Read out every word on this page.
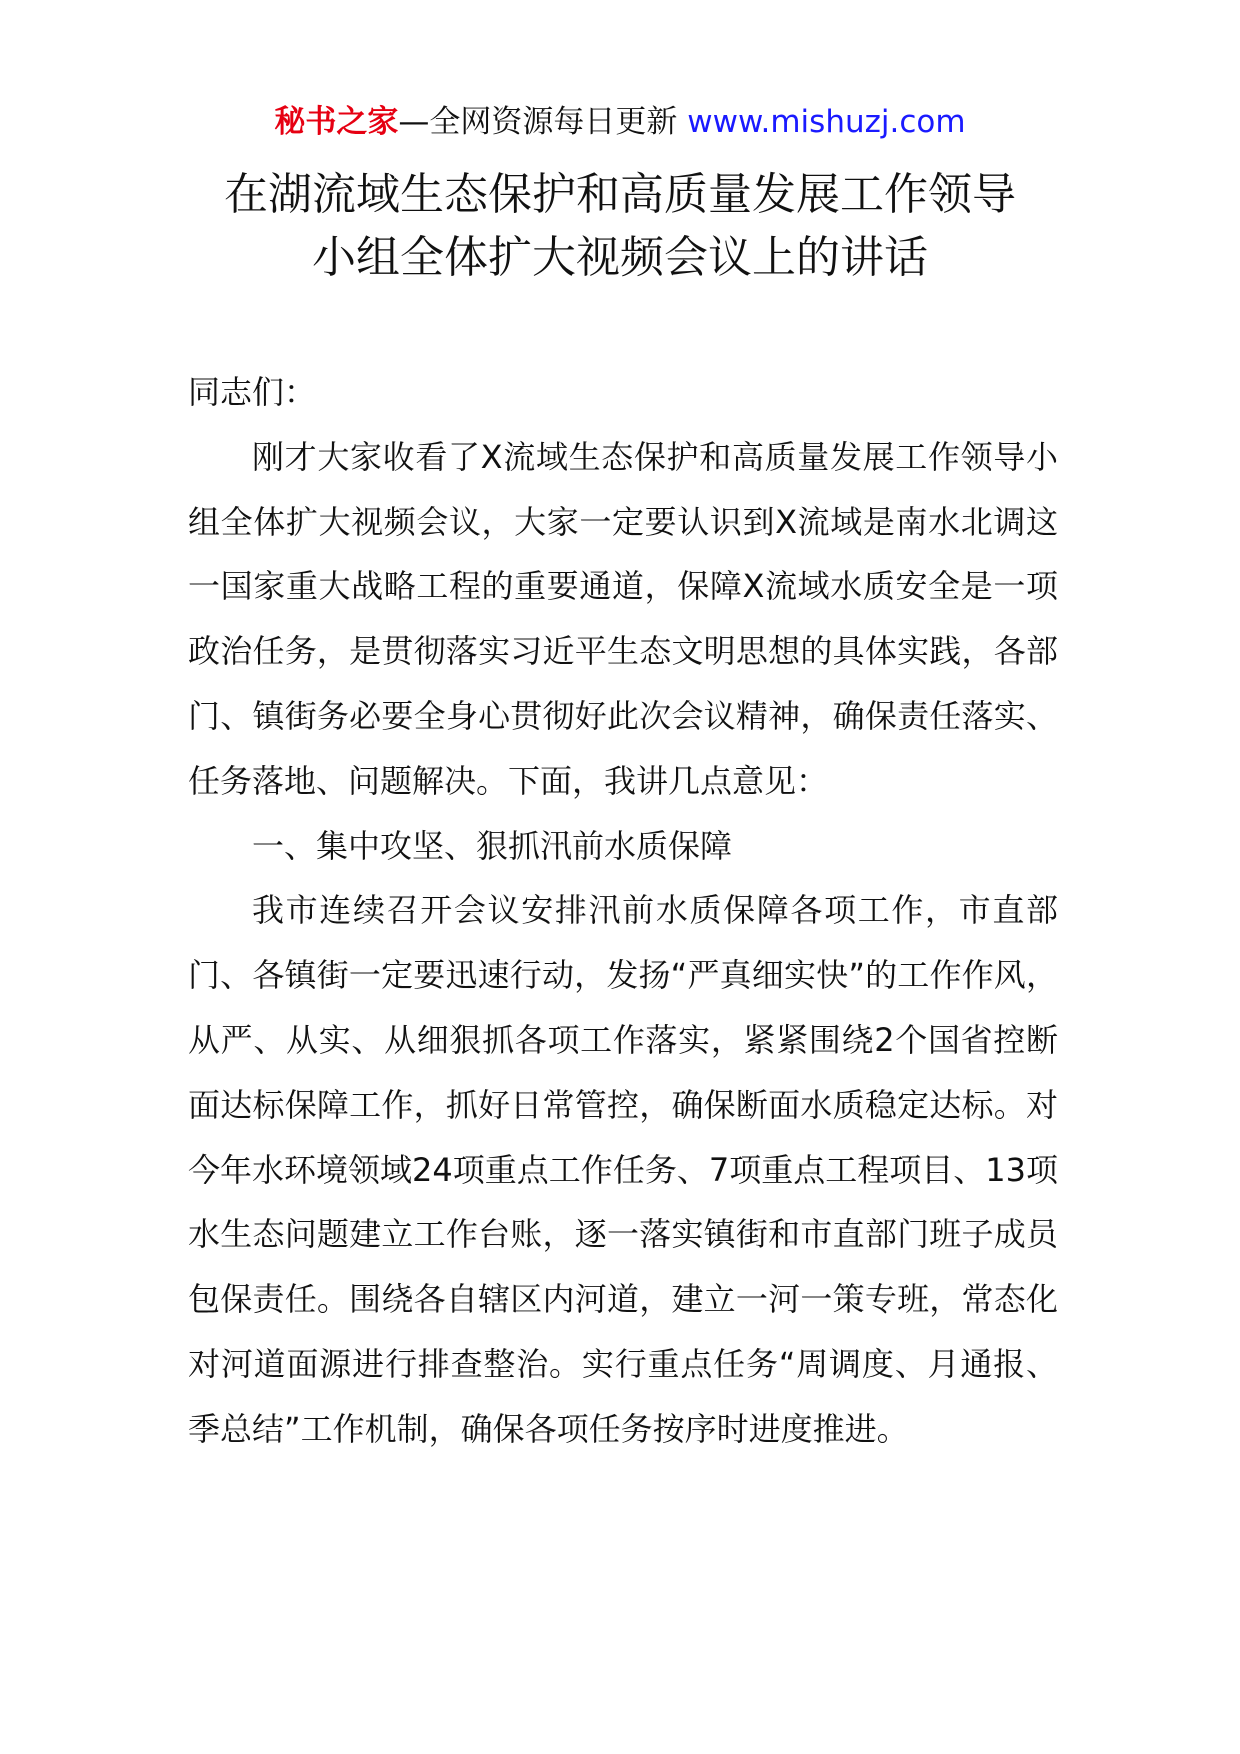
秘书之家—全网资源每日更新 www.mishuzj.com
在湖流域生态保护和高质量发展工作领导
小组全体扩大视频会议上的讲话

同志们：

刚才大家收看了X流域生态保护和高质量发展工作领导小组全体扩大视频会议，大家一定要认识到X流域是南水北调这一国家重大战略工程的重要通道，保障X流域水质安全是一项政治任务，是贯彻落实习近平生态文明思想的具体实践，各部门、镇街务必要全身心贯彻好此次会议精神，确保责任落实、任务落地、问题解决。下面，我讲几点意见：

一、集中攻坚、狠抓汛前水质保障

我市连续召开会议安排汛前水质保障各项工作，市直部门、各镇街一定要迅速行动，发扬“严真细实快”的工作作风，从严、从实、从细狠抓各项工作落实，紧紧围绕2个国省控断面达标保障工作，抓好日常管控，确保断面水质稳定达标。对今年水环境领域24项重点工作任务、7项重点工程项目、13项水生态问题建立工作台账，逐一落实镇街和市直部门班子成员包保责任。围绕各自辖区内河道，建立一河一策专班，常态化对河道面源进行排查整治。实行重点任务“周调度、月通报、季总结”工作机制，确保各项任务按序时进度推进。
